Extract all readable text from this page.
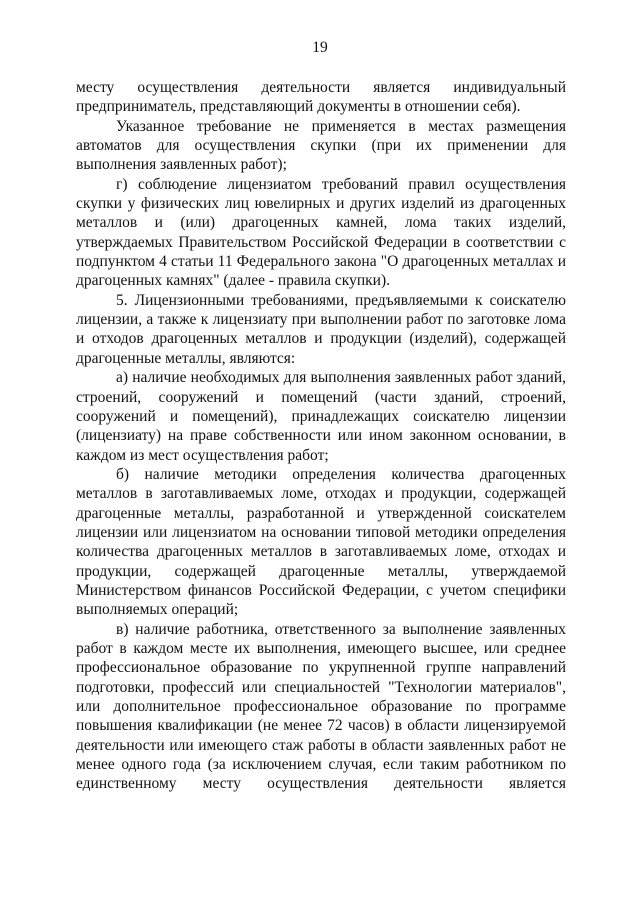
19

месту осуществления деятельности является индивидуальный предприниматель, представляющий документы в отношении себя).

Указанное требование не применяется в местах размещения автоматов для осуществления скупки (при их применении для выполнения заявленных работ);

г) соблюдение лицензиатом требований правил осуществления скупки у физических лиц ювелирных и других изделий из драгоценных металлов и (или) драгоценных камней, лома таких изделий, утверждаемых Правительством Российской Федерации в соответствии с подпунктом 4 статьи 11 Федерального закона "О драгоценных металлах и драгоценных камнях" (далее - правила скупки).

5. Лицензионными требованиями, предъявляемыми к соискателю лицензии, а также к лицензиату при выполнении работ по заготовке лома и отходов драгоценных металлов и продукции (изделий), содержащей драгоценные металлы, являются:

а) наличие необходимых для выполнения заявленных работ зданий, строений, сооружений и помещений (части зданий, строений, сооружений и помещений), принадлежащих соискателю лицензии (лицензиату) на праве собственности или ином законном основании, в каждом из мест осуществления работ;

б) наличие методики определения количества драгоценных металлов в заготавливаемых ломе, отходах и продукции, содержащей драгоценные металлы, разработанной и утвержденной соискателем лицензии или лицензиатом на основании типовой методики определения количества драгоценных металлов в заготавливаемых ломе, отходах и продукции, содержащей драгоценные металлы, утверждаемой Министерством финансов Российской Федерации, с учетом специфики выполняемых операций;

в) наличие работника, ответственного за выполнение заявленных работ в каждом месте их выполнения, имеющего высшее, или среднее профессиональное образование по укрупненной группе направлений подготовки, профессий или специальностей "Технологии материалов", или дополнительное профессиональное образование по программе повышения квалификации (не менее 72 часов) в области лицензируемой деятельности или имеющего стаж работы в области заявленных работ не менее одного года (за исключением случая, если таким работником по единственному месту осуществления деятельности является
